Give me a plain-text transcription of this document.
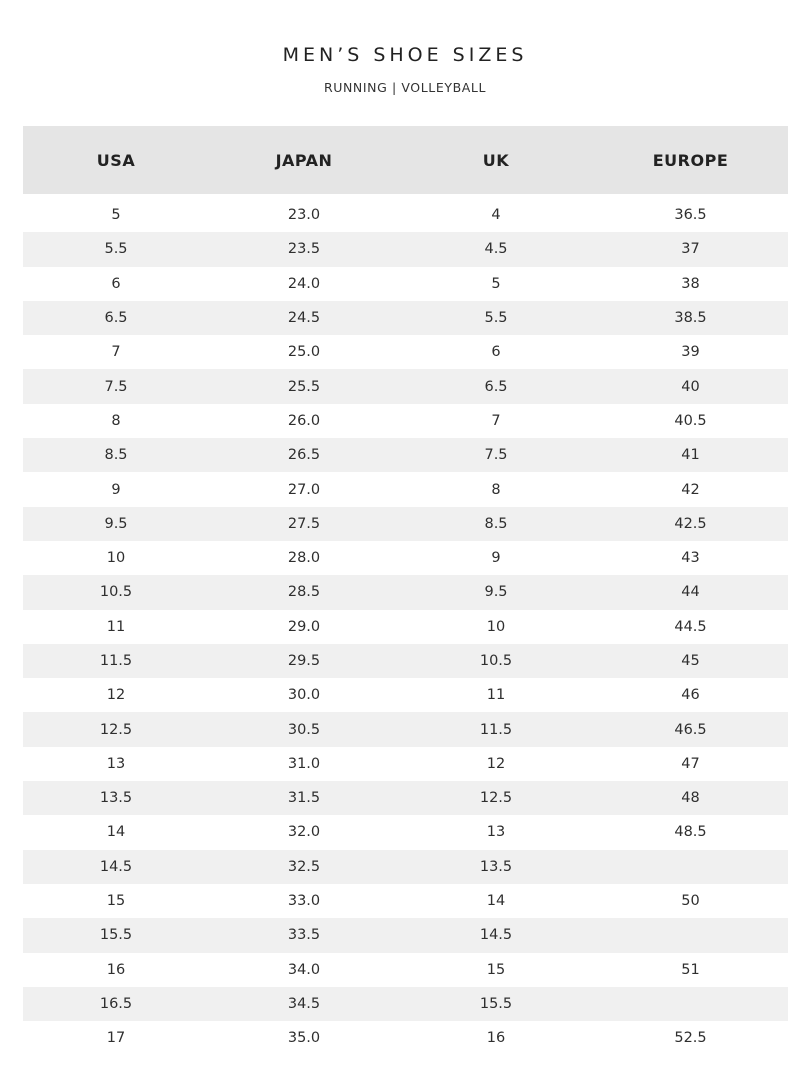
MEN’S SHOE SIZES
RUNNING | VOLLEYBALL
USA	JAPAN	UK	EUROPE
5	23.0	4	36.5
5.5	23.5	4.5	37
6	24.0	5	38
6.5	24.5	5.5	38.5
7	25.0	6	39
7.5	25.5	6.5	40
8	26.0	7	40.5
8.5	26.5	7.5	41
9	27.0	8	42
9.5	27.5	8.5	42.5
10	28.0	9	43
10.5	28.5	9.5	44
11	29.0	10	44.5
11.5	29.5	10.5	45
12	30.0	11	46
12.5	30.5	11.5	46.5
13	31.0	12	47
13.5	31.5	12.5	48
14	32.0	13	48.5
14.5	32.5	13.5
15	33.0	14	50
15.5	33.5	14.5
16	34.0	15	51
16.5	34.5	15.5
17	35.0	16	52.5
